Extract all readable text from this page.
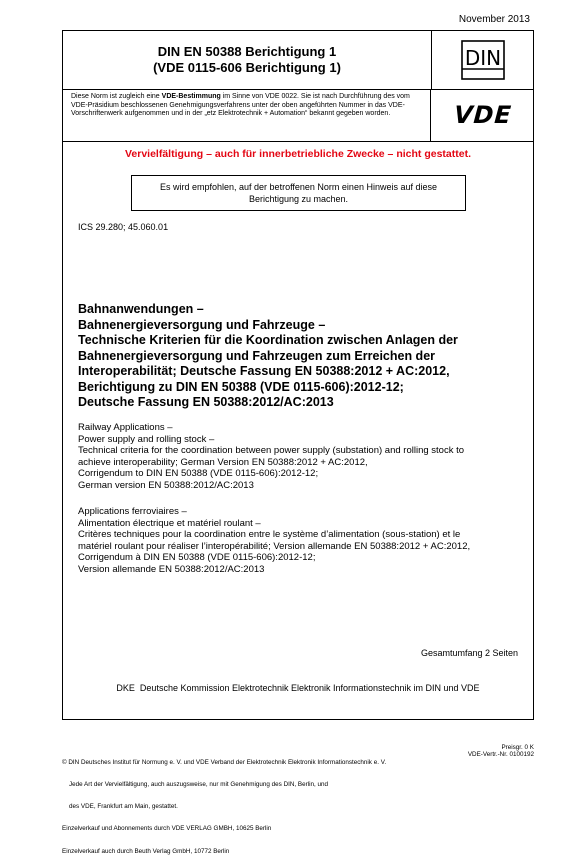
November 2013
DIN EN 50388 Berichtigung 1
(VDE 0115-606 Berichtigung 1)	DIN
Diese Norm ist zugleich eine VDE-Bestimmung im Sinne von VDE 0022. Sie ist nach Durchführung des vom VDE-Präsidium beschlossenen Genehmigungsverfahrens unter der oben angeführten Nummer in das VDE-Vorschriftenwerk aufgenommen und in der „etz Elektrotechnik + Automation“ bekannt gegeben worden.	VDE
Vervielfältigung – auch für innerbetriebliche Zwecke – nicht gestattet.
Es wird empfohlen, auf der betroffenen Norm einen Hinweis auf diese
Berichtigung zu machen.
ICS 29.280; 45.060.01
Bahnanwendungen –
Bahnenergieversorgung und Fahrzeuge –
Technische Kriterien für die Koordination zwischen Anlagen der
Bahnenergieversorgung und Fahrzeugen zum Erreichen der
Interoperabilität; Deutsche Fassung EN 50388:2012 + AC:2012,
Berichtigung zu DIN EN 50388 (VDE 0115-606):2012-12;
Deutsche Fassung EN 50388:2012/AC:2013
Railway Applications –
Power supply and rolling stock –
Technical criteria for the coordination between power supply (substation) and rolling stock to
achieve interoperability; German Version EN 50388:2012 + AC:2012,
Corrigendum to DIN EN 50388 (VDE 0115-606):2012-12;
German version EN 50388:2012/AC:2013
Applications ferroviaires –
Alimentation électrique et matériel roulant –
Critères techniques pour la coordination entre le système d’alimentation (sous-station) et le
matériel roulant pour réaliser l’interopérabilité; Version allemande EN 50388:2012 + AC:2012,
Corrigendum à DIN EN 50388 (VDE 0115-606):2012-12;
Version allemande EN 50388:2012/AC:2013
Gesamtumfang 2 Seiten
DKE  Deutsche Kommission Elektrotechnik Elektronik Informationstechnik im DIN und VDE

© DIN Deutsches Institut für Normung e. V. und VDE Verband der Elektrotechnik Elektronik Informationstechnik e. V.

Jede Art der Vervielfältigung, auch auszugsweise, nur mit Genehmigung des DIN, Berlin, und

des VDE, Frankfurt am Main, gestattet.

Einzelverkauf und Abonnements durch VDE VERLAG GMBH, 10625 Berlin

Einzelverkauf auch durch Beuth Verlag GmbH, 10772 Berlin

Preisgr. 0 K
VDE-Vertr.-Nr. 0100192
